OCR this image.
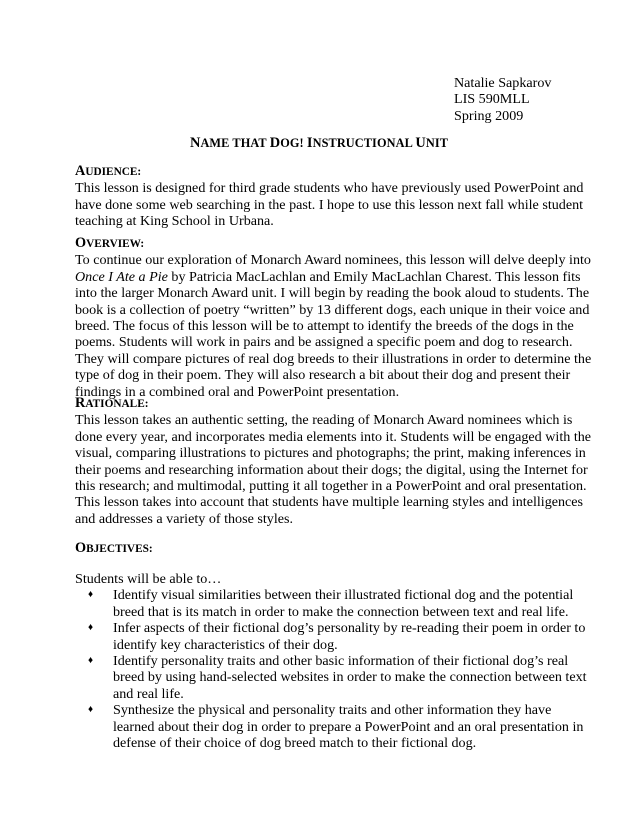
Natalie Sapkarov
LIS 590MLL
Spring 2009
NAME THAT DOG! INSTRUCTIONAL UNIT
AUDIENCE:
This lesson is designed for third grade students who have previously used PowerPoint and
have done some web searching in the past. I hope to use this lesson next fall while student
teaching at King School in Urbana.
OVERVIEW:
To continue our exploration of Monarch Award nominees, this lesson will delve deeply into
Once I Ate a Pie by Patricia MacLachlan and Emily MacLachlan Charest. This lesson fits
into the larger Monarch Award unit. I will begin by reading the book aloud to students. The
book is a collection of poetry “written” by 13 different dogs, each unique in their voice and
breed. The focus of this lesson will be to attempt to identify the breeds of the dogs in the
poems. Students will work in pairs and be assigned a specific poem and dog to research.
They will compare pictures of real dog breeds to their illustrations in order to determine the
type of dog in their poem. They will also research a bit about their dog and present their
findings in a combined oral and PowerPoint presentation.
RATIONALE:
This lesson takes an authentic setting, the reading of Monarch Award nominees which is
done every year, and incorporates media elements into it. Students will be engaged with the
visual, comparing illustrations to pictures and photographs; the print, making inferences in
their poems and researching information about their dogs; the digital, using the Internet for
this research; and multimodal, putting it all together in a PowerPoint and oral presentation.
This lesson takes into account that students have multiple learning styles and intelligences
and addresses a variety of those styles.
OBJECTIVES:
Students will be able to…
♦ Identify visual similarities between their illustrated fictional dog and the potential
breed that is its match in order to make the connection between text and real life.
♦ Infer aspects of their fictional dog’s personality by re-reading their poem in order to
identify key characteristics of their dog.
♦ Identify personality traits and other basic information of their fictional dog’s real
breed by using hand-selected websites in order to make the connection between text
and real life.
♦ Synthesize the physical and personality traits and other information they have
learned about their dog in order to prepare a PowerPoint and an oral presentation in
defense of their choice of dog breed match to their fictional dog.
